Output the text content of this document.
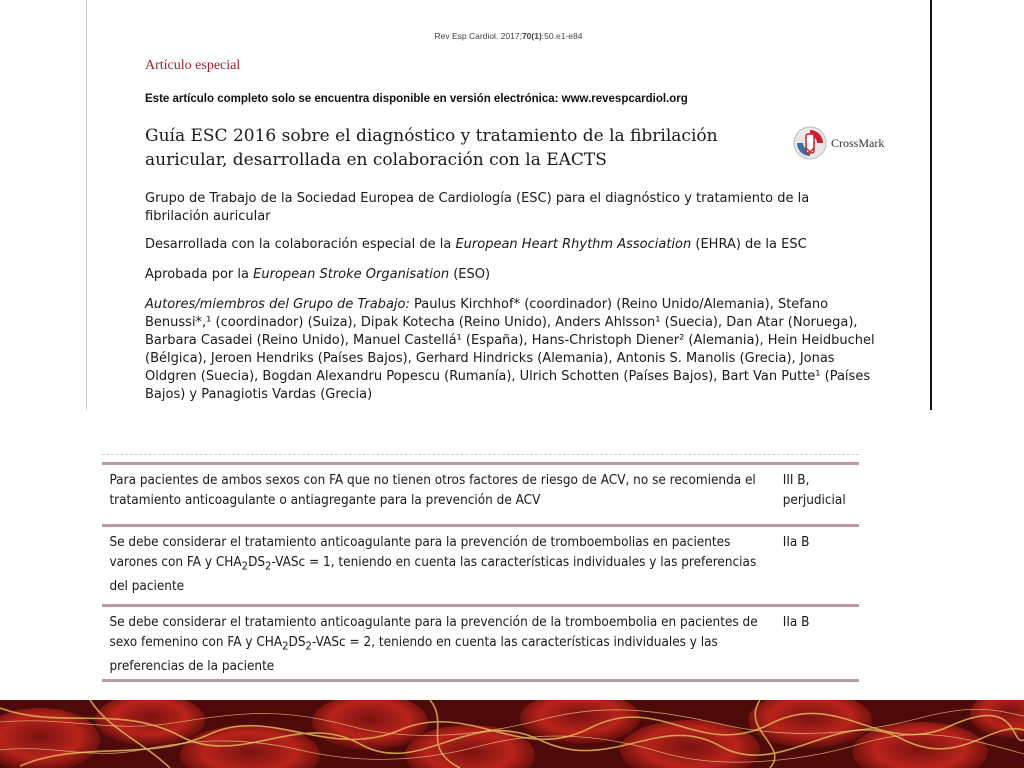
Rev Esp Cardiol. 2017;70(1):50.e1-e84
Artículo especial
Este artículo completo solo se encuentra disponible en versión electrónica: www.revespcardiol.org
Guía ESC 2016 sobre el diagnóstico y tratamiento de la fibrilación auricular, desarrollada en colaboración con la EACTS
CrossMark
Grupo de Trabajo de la Sociedad Europea de Cardiología (ESC) para el diagnóstico y tratamiento de la fibrilación auricular
Desarrollada con la colaboración especial de la European Heart Rhythm Association (EHRA) de la ESC
Aprobada por la European Stroke Organisation (ESO)
Autores/miembros del Grupo de Trabajo: Paulus Kirchhof* (coordinador) (Reino Unido/Alemania), Stefano Benussi*,¹ (coordinador) (Suiza), Dipak Kotecha (Reino Unido), Anders Ahlsson¹ (Suecia), Dan Atar (Noruega), Barbara Casadei (Reino Unido), Manuel Castellá¹ (España), Hans-Christoph Diener² (Alemania), Hein Heidbuchel (Bélgica), Jeroen Hendriks (Países Bajos), Gerhard Hindricks (Alemania), Antonis S. Manolis (Grecia), Jonas Oldgren (Suecia), Bogdan Alexandru Popescu (Rumanía), Ulrich Schotten (Países Bajos), Bart Van Putte¹ (Países Bajos) y Panagiotis Vardas (Grecia)
Para pacientes de ambos sexos con FA que no tienen otros factores de riesgo de ACV, no se recomienda el tratamiento anticoagulante o antiagregante para la prevención de ACV
III B,
perjudicial
Se debe considerar el tratamiento anticoagulante para la prevención de tromboembolias en pacientes varones con FA y $CHA_2DS_2$-VASc = 1, teniendo en cuenta las características individuales y las preferencias del paciente
IIa B
Se debe considerar el tratamiento anticoagulante para la prevención de la tromboembolia en pacientes de sexo femenino con FA y $CHA_2DS_2$-VASc = 2, teniendo en cuenta las características individuales y las preferencias de la paciente
IIa B
